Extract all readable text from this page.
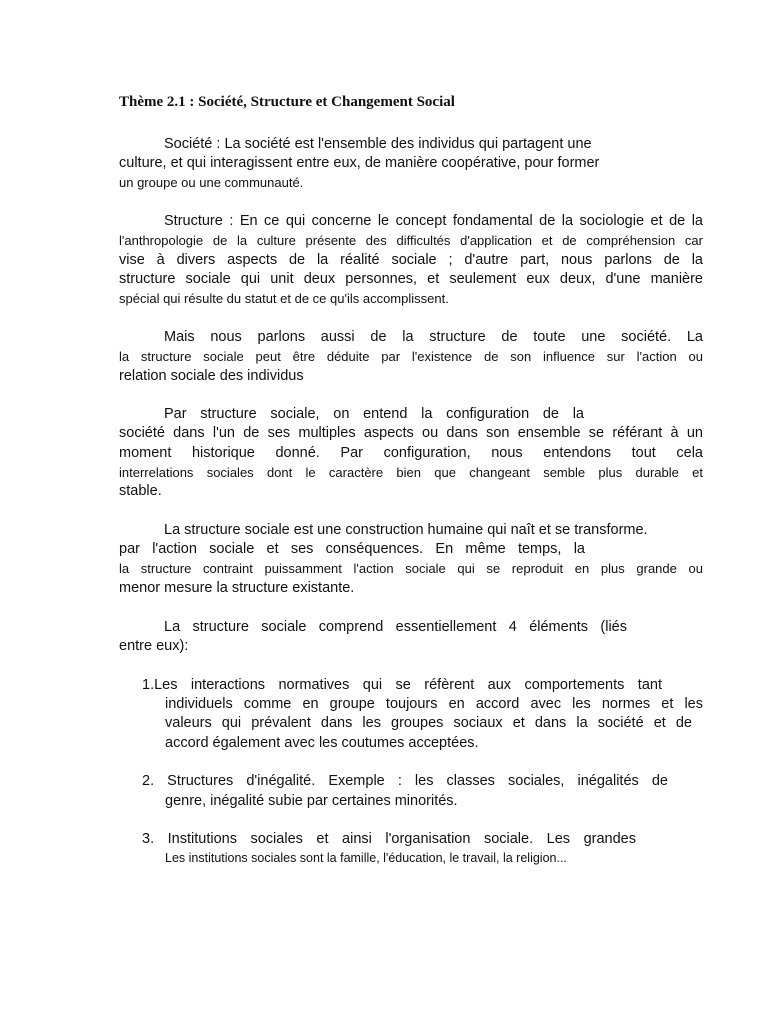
Thème 2.1 : Société, Structure et Changement Social
Société : La société est l'ensemble des individus qui partagent une
culture, et qui interagissent entre eux, de manière coopérative, pour former
un groupe ou une communauté.
Structure : En ce qui concerne le concept fondamental de la sociologie et de la
l'anthropologie de la culture présente des difficultés d'application et de compréhension car
vise à divers aspects de la réalité sociale ; d'autre part, nous parlons de la
structure sociale qui unit deux personnes, et seulement eux deux, d'une manière
spécial qui résulte du statut et de ce qu'ils accomplissent.
Mais nous parlons aussi de la structure de toute une société. La
la structure sociale peut être déduite par l'existence de son influence sur l'action ou
relation sociale des individus
Par structure sociale, on entend la configuration de la
société dans l'un de ses multiples aspects ou dans son ensemble se référant à un
moment historique donné. Par configuration, nous entendons tout cela
interrelations sociales dont le caractère bien que changeant semble plus durable et
stable.
La structure sociale est une construction humaine qui naît et se transforme.
par l'action sociale et ses conséquences. En même temps, la
la structure contraint puissamment l'action sociale qui se reproduit en plus grande ou
menor mesure la structure existante.
La structure sociale comprend essentiellement 4 éléments (liés
entre eux):
1.Les interactions normatives qui se réfèrent aux comportements tant
individuels comme en groupe toujours en accord avec les normes et les
valeurs qui prévalent dans les groupes sociaux et dans la société et de
accord également avec les coutumes acceptées.
2. Structures d'inégalité. Exemple : les classes sociales, inégalités de
genre, inégalité subie par certaines minorités.
3. Institutions sociales et ainsi l'organisation sociale. Les grandes
Les institutions sociales sont la famille, l'éducation, le travail, la religion...
